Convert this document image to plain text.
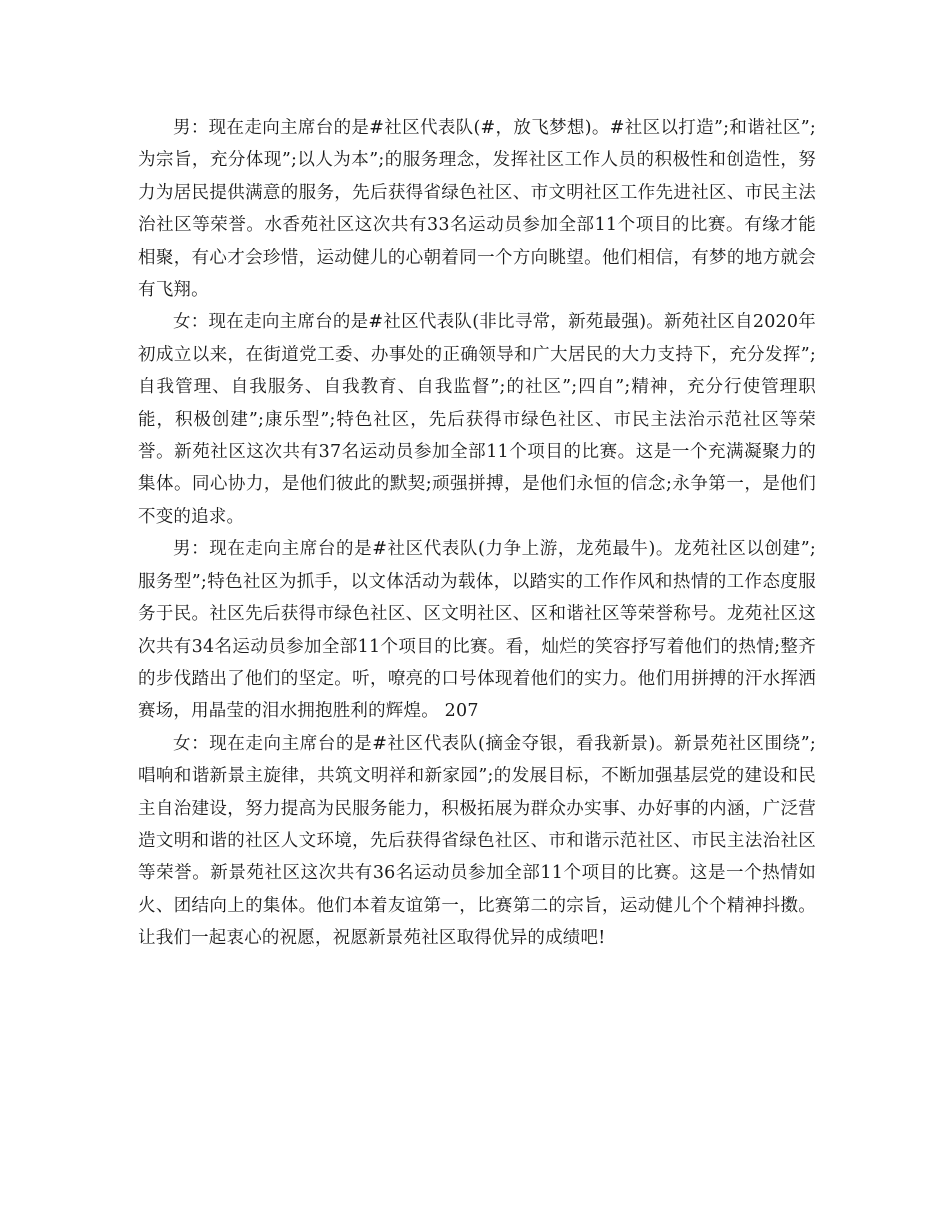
男：现在走向主席台的是#社区代表队(#，放飞梦想)。#社区以打造”;和谐社区”;为宗旨，充分体现”;以人为本”;的服务理念，发挥社区工作人员的积极性和创造性，努力为居民提供满意的服务，先后获得省绿色社区、市文明社区工作先进社区、市民主法治社区等荣誉。水香苑社区这次共有33名运动员参加全部11个项目的比赛。有缘才能相聚，有心才会珍惜，运动健儿的心朝着同一个方向眺望。他们相信，有梦的地方就会有飞翔。

女：现在走向主席台的是#社区代表队(非比寻常，新苑最强)。新苑社区自2020年初成立以来，在街道党工委、办事处的正确领导和广大居民的大力支持下，充分发挥”;自我管理、自我服务、自我教育、自我监督”;的社区”;四自”;精神，充分行使管理职能，积极创建”;康乐型”;特色社区，先后获得市绿色社区、市民主法治示范社区等荣誉。新苑社区这次共有37名运动员参加全部11个项目的比赛。这是一个充满凝聚力的集体。同心协力，是他们彼此的默契;顽强拼搏，是他们永恒的信念;永争第一，是他们不变的追求。

男：现在走向主席台的是#社区代表队(力争上游，龙苑最牛)。龙苑社区以创建”;服务型”;特色社区为抓手，以文体活动为载体，以踏实的工作作风和热情的工作态度服务于民。社区先后获得市绿色社区、区文明社区、区和谐社区等荣誉称号。龙苑社区这次共有34名运动员参加全部11个项目的比赛。看，灿烂的笑容抒写着他们的热情;整齐的步伐踏出了他们的坚定。听，嘹亮的口号体现着他们的实力。他们用拼搏的汗水挥洒赛场，用晶莹的泪水拥抱胜利的辉煌。 207

女：现在走向主席台的是#社区代表队(摘金夺银，看我新景)。新景苑社区围绕”;唱响和谐新景主旋律，共筑文明祥和新家园”;的发展目标，不断加强基层党的建设和民主自治建设，努力提高为民服务能力，积极拓展为群众办实事、办好事的内涵，广泛营造文明和谐的社区人文环境，先后获得省绿色社区、市和谐示范社区、市民主法治社区等荣誉。新景苑社区这次共有36名运动员参加全部11个项目的比赛。这是一个热情如火、团结向上的集体。他们本着友谊第一，比赛第二的宗旨，运动健儿个个精神抖擞。让我们一起衷心的祝愿，祝愿新景苑社区取得优异的成绩吧!
